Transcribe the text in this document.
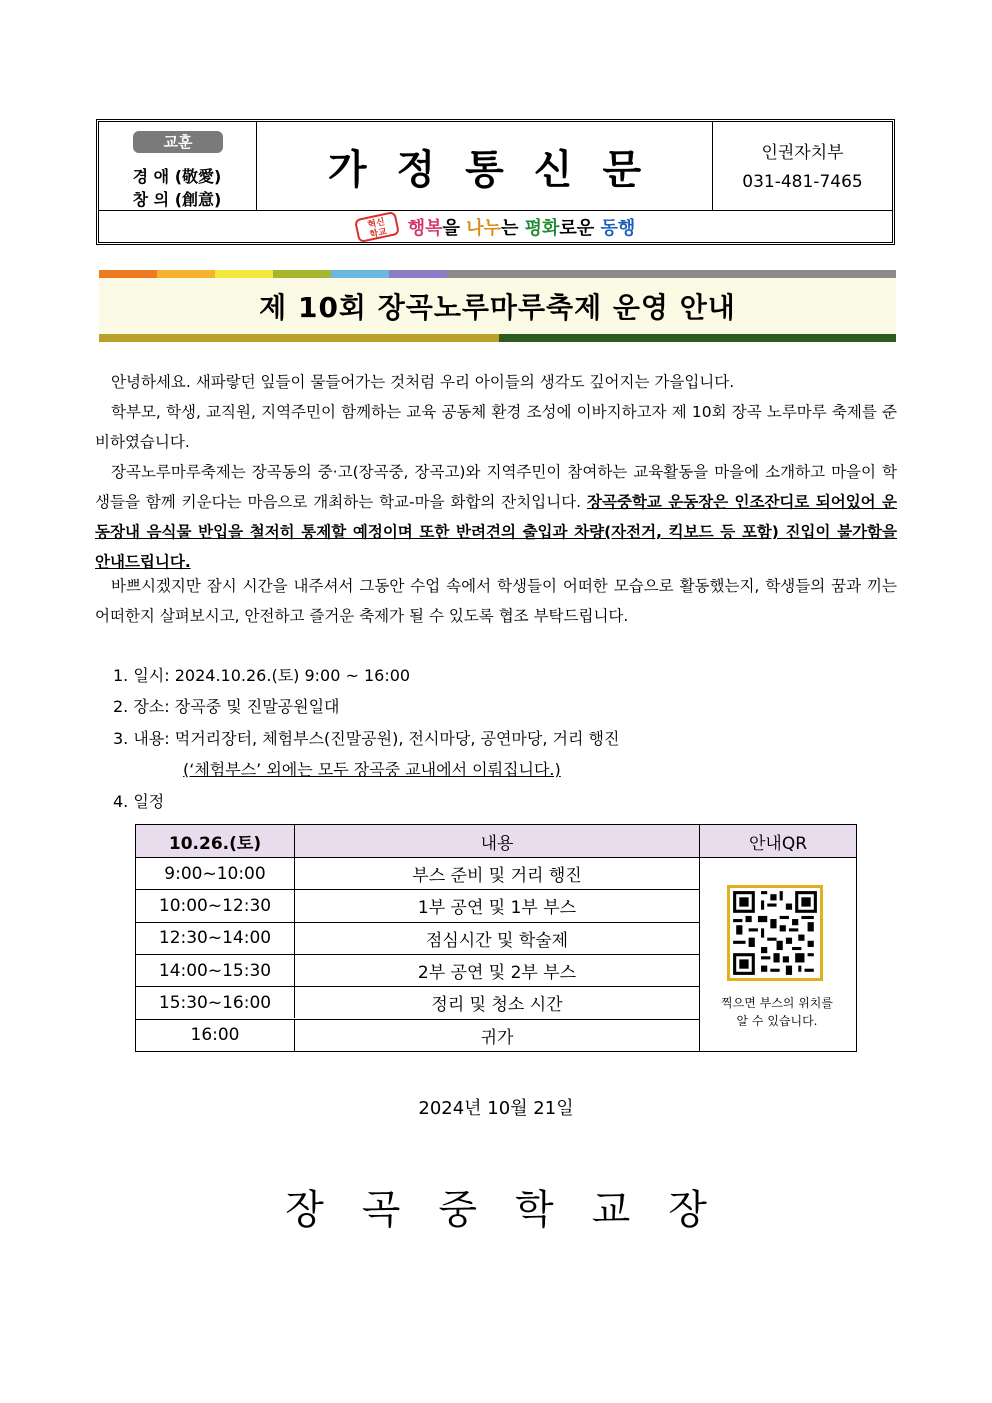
교훈
경 애 (敬愛)
창 의 (創意)
가정통신문	인권자치부
031-481-7465
혁신
학교	행복을 나누는 평화로운 동행
제 10회 장곡노루마루축제 운영 안내
안녕하세요. 새파랗던 잎들이 물들어가는 것처럼 우리 아이들의 생각도 깊어지는 가을입니다.
학부모, 학생, 교직원, 지역주민이 함께하는 교육 공동체 환경 조성에 이바지하고자 제 10회 장곡 노루마루 축제를 준비하였습니다.
장곡노루마루축제는 장곡동의 중·고(장곡중, 장곡고)와 지역주민이 참여하는 교육활동을 마을에 소개하고 마을이 학생들을 함께 키운다는 마음으로 개최하는 학교-마을 화합의 잔치입니다. 장곡중학교 운동장은 인조잔디로 되어있어 운동장내 음식물 반입을 철저히 통제할 예정이며 또한 반려견의 출입과 차량(자전거, 킥보드 등 포함) 진입이 불가함을 안내드립니다.
바쁘시겠지만 잠시 시간을 내주셔서 그동안 수업 속에서 학생들이 어떠한 모습으로 활동했는지, 학생들의 꿈과 끼는 어떠한지 살펴보시고, 안전하고 즐거운 축제가 될 수 있도록 협조 부탁드립니다.
1. 일시: 2024.10.26.(토) 9:00 ~ 16:00
2. 장소: 장곡중 및 진말공원일대
3. 내용: 먹거리장터, 체험부스(진말공원), 전시마당, 공연마당, 거리 행진
(‘체험부스’ 외에는 모두 장곡중 교내에서 이뤄집니다.)
4. 일정
10.26.(토)	내용	안내QR
9:00~10:00	부스 준비 및 거리 행진
10:00~12:30	1부 공연 및 1부 부스
12:30~14:00	점심시간 및 학술제
14:00~15:30	2부 공연 및 2부 부스
15:30~16:00	정리 및 청소 시간
16:00	귀가
찍으면 부스의 위치를
알 수 있습니다.
2024년 10월 21일
장곡중학교장
